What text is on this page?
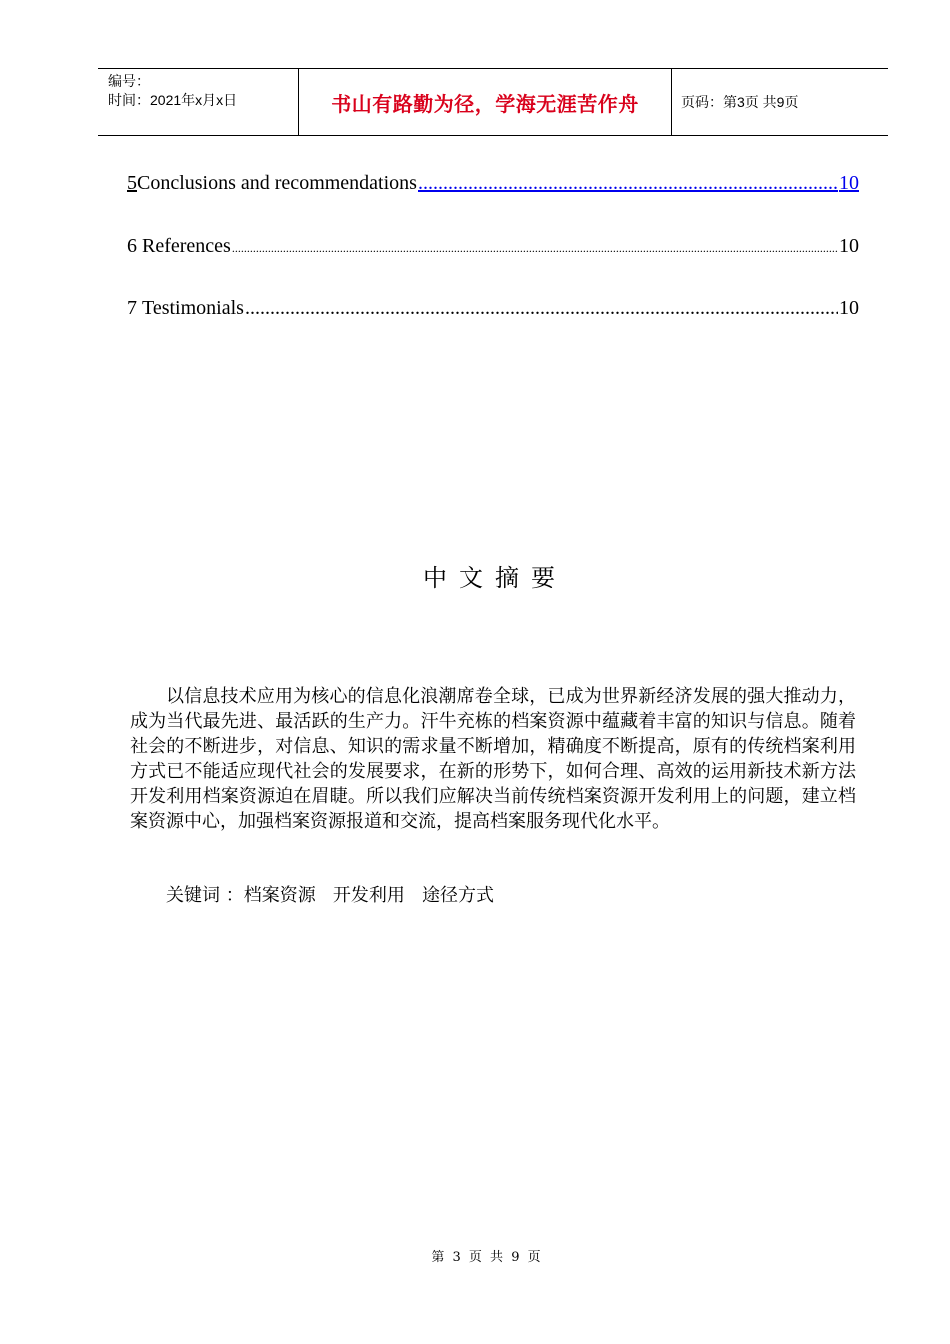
编号：
时间：2021年x月x日	书山有路勤为径，学海无涯苦作舟	页码：第3页 共9页
5 Conclusions and recommendations .....	10
6 References .....	10
7 Testimonials .....	10
中文摘要

以信息技术应用为核心的信息化浪潮席卷全球，已成为世界新经济发展的强大推动力，成为当代最先进、最活跃的生产力。汗牛充栋的档案资源中蕴藏着丰富的知识与信息。随着社会的不断进步，对信息、知识的需求量不断增加，精确度不断提高，原有的传统档案利用方式已不能适应现代社会的发展要求，在新的形势下，如何合理、高效的运用新技术新方法开发利用档案资源迫在眉睫。所以我们应解决当前传统档案资源开发利用上的问题，建立档案资源中心，加强档案资源报道和交流，提高档案服务现代化水平。

关键词 ：档案资源   开发利用   途径方式
第 3 页 共 9 页
